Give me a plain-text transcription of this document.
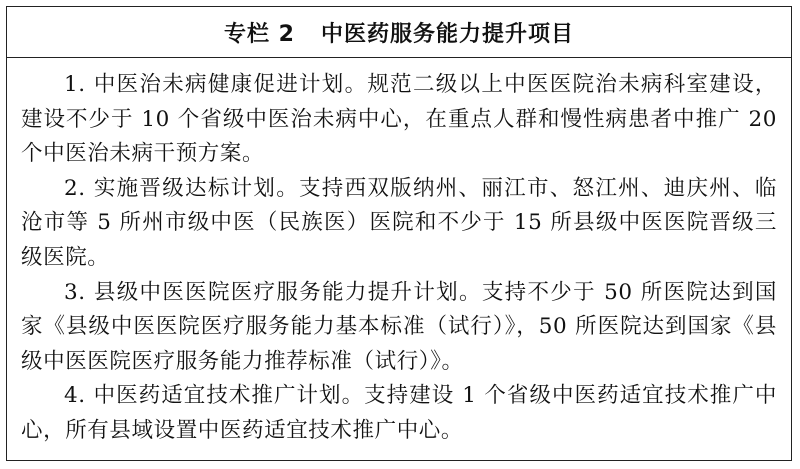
专栏 2 中医药服务能力提升项目

1. 中医治未病健康促进计划。规范二级以上中医医院治未病科室建设，建设不少于 10 个省级中医治未病中心，在重点人群和慢性病患者中推广 20 个中医治未病干预方案。

2. 实施晋级达标计划。支持西双版纳州、丽江市、怒江州、迪庆州、临沧市等 5 所州市级中医（民族医）医院和不少于 15 所县级中医医院晋级三级医院。

3. 县级中医医院医疗服务能力提升计划。支持不少于 50 所医院达到国家《县级中医医院医疗服务能力基本标准（试行）》，50 所医院达到国家《县级中医医院医疗服务能力推荐标准（试行）》。

4. 中医药适宜技术推广计划。支持建设 1 个省级中医药适宜技术推广中心，所有县域设置中医药适宜技术推广中心。
